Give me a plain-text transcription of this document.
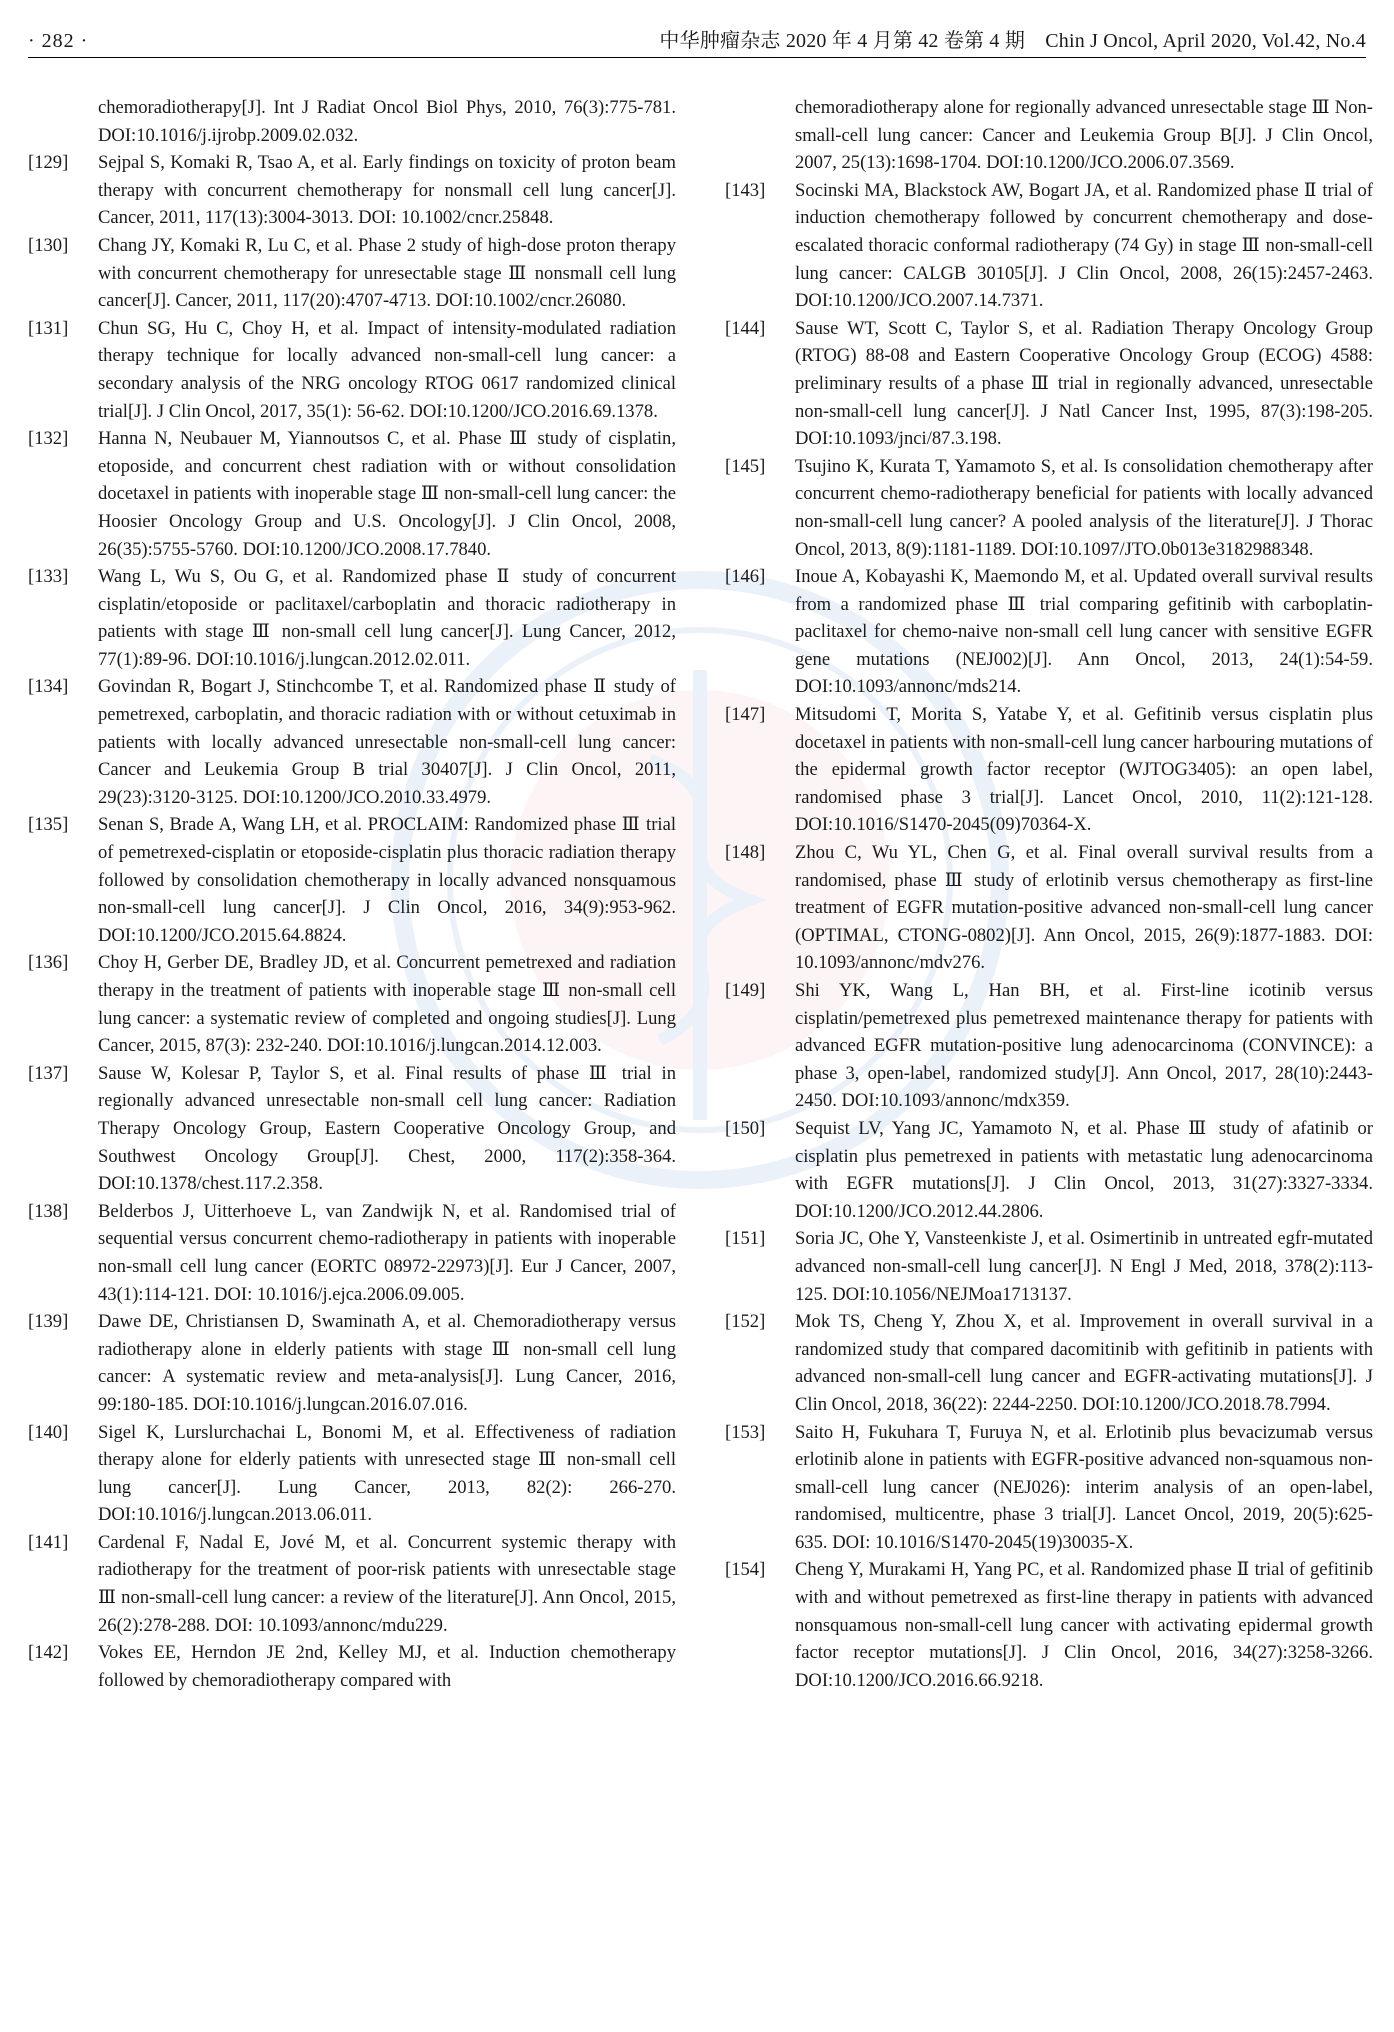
· 282 ·	中华肿瘤杂志 2020 年 4 月第 42 卷第 4 期　Chin J Oncol, April 2020, Vol.42, No.4

chemoradiotherapy[J]. Int J Radiat Oncol Biol Phys, 2010, 76(3):775-781. DOI:10.1016/j.ijrobp.2009.02.032.

[129] Sejpal S, Komaki R, Tsao A, et al. Early findings on toxicity of proton beam therapy with concurrent chemotherapy for nonsmall cell lung cancer[J]. Cancer, 2011, 117(13):3004-3013. DOI: 10.1002/cncr.25848.

[130] Chang JY, Komaki R, Lu C, et al. Phase 2 study of high-dose proton therapy with concurrent chemotherapy for unresectable stage Ⅲ nonsmall cell lung cancer[J]. Cancer, 2011, 117(20):4707-4713. DOI:10.1002/cncr.26080.

[131] Chun SG, Hu C, Choy H, et al. Impact of intensity-modulated radiation therapy technique for locally advanced non-small-cell lung cancer: a secondary analysis of the NRG oncology RTOG 0617 randomized clinical trial[J]. J Clin Oncol, 2017, 35(1): 56-62. DOI:10.1200/JCO.2016.69.1378.

[132] Hanna N, Neubauer M, Yiannoutsos C, et al. Phase Ⅲ study of cisplatin, etoposide, and concurrent chest radiation with or without consolidation docetaxel in patients with inoperable stage Ⅲ non-small-cell lung cancer: the Hoosier Oncology Group and U.S. Oncology[J]. J Clin Oncol, 2008, 26(35):5755-5760. DOI:10.1200/JCO.2008.17.7840.

[133] Wang L, Wu S, Ou G, et al. Randomized phase Ⅱ study of concurrent cisplatin/etoposide or paclitaxel/carboplatin and thoracic radiotherapy in patients with stage Ⅲ non-small cell lung cancer[J]. Lung Cancer, 2012, 77(1):89-96. DOI:10.1016/j.lungcan.2012.02.011.

[134] Govindan R, Bogart J, Stinchcombe T, et al. Randomized phase Ⅱ study of pemetrexed, carboplatin, and thoracic radiation with or without cetuximab in patients with locally advanced unresectable non-small-cell lung cancer: Cancer and Leukemia Group B trial 30407[J]. J Clin Oncol, 2011, 29(23):3120-3125. DOI:10.1200/JCO.2010.33.4979.

[135] Senan S, Brade A, Wang LH, et al. PROCLAIM: Randomized phase Ⅲ trial of pemetrexed-cisplatin or etoposide-cisplatin plus thoracic radiation therapy followed by consolidation chemotherapy in locally advanced nonsquamous non-small-cell lung cancer[J]. J Clin Oncol, 2016, 34(9):953-962. DOI:10.1200/JCO.2015.64.8824.

[136] Choy H, Gerber DE, Bradley JD, et al. Concurrent pemetrexed and radiation therapy in the treatment of patients with inoperable stage Ⅲ non-small cell lung cancer: a systematic review of completed and ongoing studies[J]. Lung Cancer, 2015, 87(3): 232-240. DOI:10.1016/j.lungcan.2014.12.003.

[137] Sause W, Kolesar P, Taylor S, et al. Final results of phase Ⅲ trial in regionally advanced unresectable non-small cell lung cancer: Radiation Therapy Oncology Group, Eastern Cooperative Oncology Group, and Southwest Oncology Group[J]. Chest, 2000, 117(2):358-364. DOI:10.1378/chest.117.2.358.

[138] Belderbos J, Uitterhoeve L, van Zandwijk N, et al. Randomised trial of sequential versus concurrent chemo-radiotherapy in patients with inoperable non-small cell lung cancer (EORTC 08972-22973)[J]. Eur J Cancer, 2007, 43(1):114-121. DOI: 10.1016/j.ejca.2006.09.005.

[139] Dawe DE, Christiansen D, Swaminath A, et al. Chemoradiotherapy versus radiotherapy alone in elderly patients with stage Ⅲ non-small cell lung cancer: A systematic review and meta-analysis[J]. Lung Cancer, 2016, 99:180-185. DOI:10.1016/j.lungcan.2016.07.016.

[140] Sigel K, Lurslurchachai L, Bonomi M, et al. Effectiveness of radiation therapy alone for elderly patients with unresected stage Ⅲ non-small cell lung cancer[J]. Lung Cancer, 2013, 82(2): 266-270. DOI:10.1016/j.lungcan.2013.06.011.

[141] Cardenal F, Nadal E, Jové M, et al. Concurrent systemic therapy with radiotherapy for the treatment of poor-risk patients with unresectable stage Ⅲ non-small-cell lung cancer: a review of the literature[J]. Ann Oncol, 2015, 26(2):278-288. DOI: 10.1093/annonc/mdu229.

[142] Vokes EE, Herndon JE 2nd, Kelley MJ, et al. Induction chemotherapy followed by chemoradiotherapy compared with

chemoradiotherapy alone for regionally advanced unresectable stage Ⅲ Non-small-cell lung cancer: Cancer and Leukemia Group B[J]. J Clin Oncol, 2007, 25(13):1698-1704. DOI:10.1200/JCO.2006.07.3569.

[143] Socinski MA, Blackstock AW, Bogart JA, et al. Randomized phase Ⅱ trial of induction chemotherapy followed by concurrent chemotherapy and dose-escalated thoracic conformal radiotherapy (74 Gy) in stage Ⅲ non-small-cell lung cancer: CALGB 30105[J]. J Clin Oncol, 2008, 26(15):2457-2463. DOI:10.1200/JCO.2007.14.7371.

[144] Sause WT, Scott C, Taylor S, et al. Radiation Therapy Oncology Group (RTOG) 88-08 and Eastern Cooperative Oncology Group (ECOG) 4588: preliminary results of a phase Ⅲ trial in regionally advanced, unresectable non-small-cell lung cancer[J]. J Natl Cancer Inst, 1995, 87(3):198-205. DOI:10.1093/jnci/87.3.198.

[145] Tsujino K, Kurata T, Yamamoto S, et al. Is consolidation chemotherapy after concurrent chemo-radiotherapy beneficial for patients with locally advanced non-small-cell lung cancer? A pooled analysis of the literature[J]. J Thorac Oncol, 2013, 8(9):1181-1189. DOI:10.1097/JTO.0b013e3182988348.

[146] Inoue A, Kobayashi K, Maemondo M, et al. Updated overall survival results from a randomized phase Ⅲ trial comparing gefitinib with carboplatin-paclitaxel for chemo-naive non-small cell lung cancer with sensitive EGFR gene mutations (NEJ002)[J]. Ann Oncol, 2013, 24(1):54-59. DOI:10.1093/annonc/mds214.

[147] Mitsudomi T, Morita S, Yatabe Y, et al. Gefitinib versus cisplatin plus docetaxel in patients with non-small-cell lung cancer harbouring mutations of the epidermal growth factor receptor (WJTOG3405): an open label, randomised phase 3 trial[J]. Lancet Oncol, 2010, 11(2):121-128. DOI:10.1016/S1470-2045(09)70364-X.

[148] Zhou C, Wu YL, Chen G, et al. Final overall survival results from a randomised, phase Ⅲ study of erlotinib versus chemotherapy as first-line treatment of EGFR mutation-positive advanced non-small-cell lung cancer (OPTIMAL, CTONG-0802)[J]. Ann Oncol, 2015, 26(9):1877-1883. DOI: 10.1093/annonc/mdv276.

[149] Shi YK, Wang L, Han BH, et al. First-line icotinib versus cisplatin/pemetrexed plus pemetrexed maintenance therapy for patients with advanced EGFR mutation-positive lung adenocarcinoma (CONVINCE): a phase 3, open-label, randomized study[J]. Ann Oncol, 2017, 28(10):2443-2450. DOI:10.1093/annonc/mdx359.

[150] Sequist LV, Yang JC, Yamamoto N, et al. Phase Ⅲ study of afatinib or cisplatin plus pemetrexed in patients with metastatic lung adenocarcinoma with EGFR mutations[J]. J Clin Oncol, 2013, 31(27):3327-3334. DOI:10.1200/JCO.2012.44.2806.

[151] Soria JC, Ohe Y, Vansteenkiste J, et al. Osimertinib in untreated egfr-mutated advanced non-small-cell lung cancer[J]. N Engl J Med, 2018, 378(2):113-125. DOI:10.1056/NEJMoa1713137.

[152] Mok TS, Cheng Y, Zhou X, et al. Improvement in overall survival in a randomized study that compared dacomitinib with gefitinib in patients with advanced non-small-cell lung cancer and EGFR-activating mutations[J]. J Clin Oncol, 2018, 36(22): 2244-2250. DOI:10.1200/JCO.2018.78.7994.

[153] Saito H, Fukuhara T, Furuya N, et al. Erlotinib plus bevacizumab versus erlotinib alone in patients with EGFR-positive advanced non-squamous non-small-cell lung cancer (NEJ026): interim analysis of an open-label, randomised, multicentre, phase 3 trial[J]. Lancet Oncol, 2019, 20(5):625-635. DOI: 10.1016/S1470-2045(19)30035-X.

[154] Cheng Y, Murakami H, Yang PC, et al. Randomized phase Ⅱ trial of gefitinib with and without pemetrexed as first-line therapy in patients with advanced nonsquamous non-small-cell lung cancer with activating epidermal growth factor receptor mutations[J]. J Clin Oncol, 2016, 34(27):3258-3266. DOI:10.1200/JCO.2016.66.9218.
